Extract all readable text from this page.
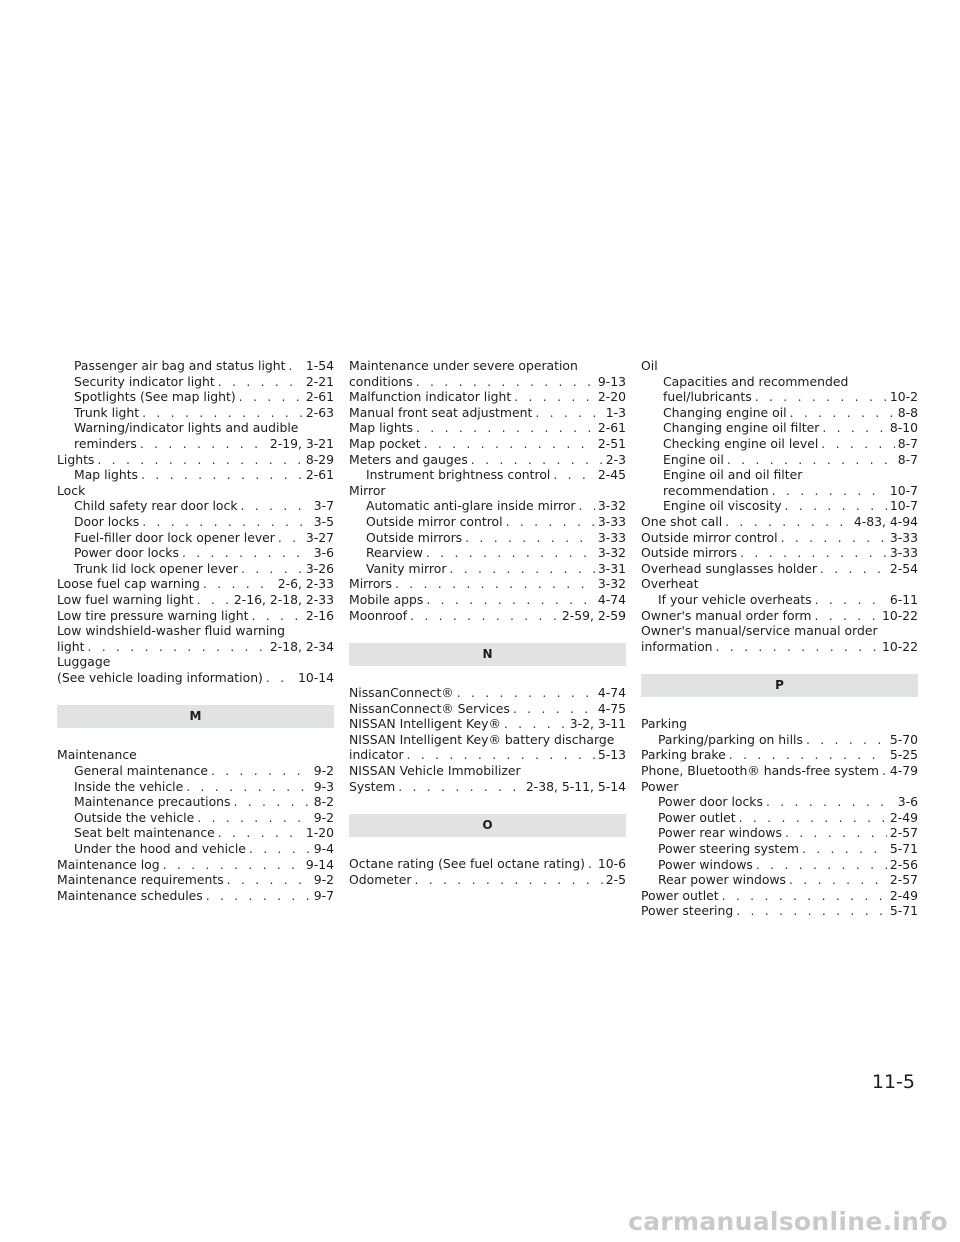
Passenger air bag and status light . . . 1-54
Security indicator light . . .	2-21
Spotlights (See map light) . . .	2-61
Trunk light . . .	2-63
Warning/indicator lights and audible
reminders . . .	2-19, 3-21
Lights . . .	8-29
Map lights . . .	2-61
Lock
Child safety rear door lock . . .	3-7
Door locks . . .	3-5
Fuel-filler door lock opener lever . . . 3-27
Power door locks . . .	3-6
Trunk lid lock opener lever . . .	3-26
Loose fuel cap warning . . .	2-6, 2-33
Low fuel warning light . . .	2-16, 2-18, 2-33
Low tire pressure warning light . . .	2-16
Low windshield-washer fluid warning
light . . .	2-18, 2-34
Luggage
(See vehicle loading information) . . .	10-14
M
Maintenance
General maintenance . . .	9-2
Inside the vehicle . . .	9-3
Maintenance precautions . . .	8-2
Outside the vehicle . . .	9-2
Seat belt maintenance . . .	1-20
Under the hood and vehicle . . .	9-4
Maintenance log . . .	9-14
Maintenance requirements . . .	9-2
Maintenance schedules . . .	9-7
Maintenance under severe operation
conditions . . .	9-13
Malfunction indicator light . . .	2-20
Manual front seat adjustment . . .	1-3
Map lights . . .	2-61
Map pocket . . .	2-51
Meters and gauges . . .	2-3
Instrument brightness control . . .	2-45
Mirror
Automatic anti-glare inside mirror . . . 3-32
Outside mirror control . . .	3-33
Outside mirrors . . .	3-33
Rearview . . .	3-32
Vanity mirror . . .	3-31
Mirrors . . .	3-32
Mobile apps . . .	4-74
Moonroof . . .	2-59, 2-59
N
NissanConnect® . . .	4-74
NissanConnect® Services . . .	4-75
NISSAN Intelligent Key® . . .	3-2, 3-11
NISSAN Intelligent Key® battery discharge
indicator . . .	5-13
NISSAN Vehicle Immobilizer
System . . .	2-38, 5-11, 5-14
O
Octane rating (See fuel octane rating) . . . 10-6
Odometer . . .	2-5
Oil
Capacities and recommended
fuel/lubricants . . .	10-2
Changing engine oil . . .	8-8
Changing engine oil filter . . .	8-10
Checking engine oil level . . .	8-7
Engine oil . . .	8-7
Engine oil and oil filter
recommendation . . .	10-7
Engine oil viscosity . . .	10-7
One shot call . . .	4-83, 4-94
Outside mirror control . . .	3-33
Outside mirrors . . .	3-33
Overhead sunglasses holder . . .	2-54
Overheat
If your vehicle overheats . . .	6-11
Owner's manual order form . . .	10-22
Owner's manual/service manual order
information . . .	10-22
P
Parking
Parking/parking on hills . . .	5-70
Parking brake . . .	5-25
Phone, Bluetooth® hands-free system . . . 4-79
Power
Power door locks . . .	3-6
Power outlet . . .	2-49
Power rear windows . . .	2-57
Power steering system . . .	5-71
Power windows . . .	2-56
Rear power windows . . .	2-57
Power outlet . . .	2-49
Power steering . . .	5-71
11-5
carmanualsonline.info
